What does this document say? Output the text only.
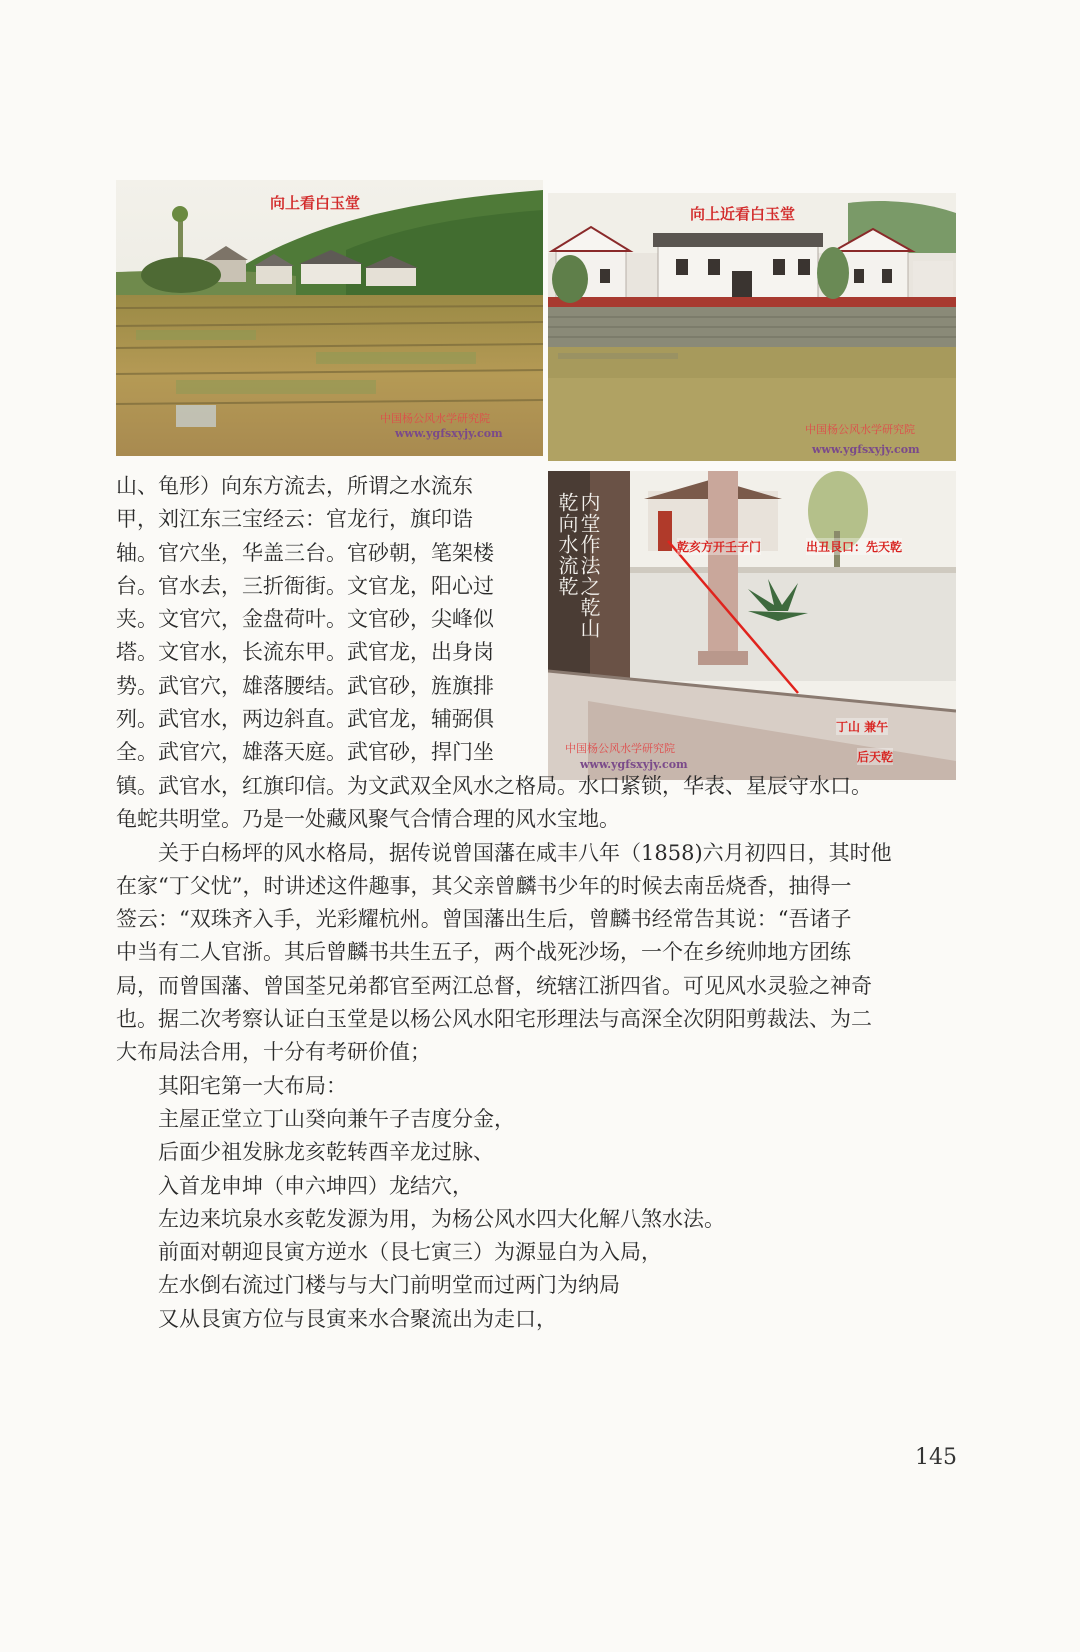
向上看白玉堂
中国杨公风水学研究院
www.ygfsxyjy.com
向上近看白玉堂
中国杨公风水学研究院
www.ygfsxyjy.com
内堂作法之乾山乾向水流乾	乾亥方开壬子门	出丑艮口：先天乾
丁山 兼午
后天乾
中国杨公风水学研究院
www.ygfsxyjy.com

山、龟形）向东方流去，所谓之水流东

甲，刘江东三宝经云：官龙行，旗印诰

轴。官穴坐，华盖三台。官砂朝，笔架楼

台。官水去，三折衙街。文官龙，阳心过

夹。文官穴，金盘荷叶。文官砂，尖峰似

塔。文官水，长流东甲。武官龙，出身岗

势。武官穴，雄落腰结。武官砂，旌旗排

列。武官水，两边斜直。武官龙，辅弼俱

全。武官穴，雄落天庭。武官砂，捍门坐

镇。武官水，红旗印信。为文武双全风水之格局。水口紧锁，华表、星辰守水口。

龟蛇共明堂。乃是一处藏风聚气合情合理的风水宝地。

　　关于白杨坪的风水格局，据传说曾国藩在咸丰八年（1858)六月初四日，其时他

在家“丁父忧”，时讲述这件趣事，其父亲曾麟书少年的时候去南岳烧香，抽得一

签云：“双珠齐入手，光彩耀杭州。曾国藩出生后，曾麟书经常告其说：“吾诸子

中当有二人官浙。其后曾麟书共生五子，两个战死沙场，一个在乡统帅地方团练

局，而曾国藩、曾国荃兄弟都官至两江总督，统辖江浙四省。可见风水灵验之神奇

也。据二次考察认证白玉堂是以杨公风水阳宅形理法与高深全次阴阳剪裁法、为二

大布局法合用，十分有考研价值；

　　其阳宅第一大布局：

　　主屋正堂立丁山癸向兼午子吉度分金，

　　后面少祖发脉龙亥乾转酉辛龙过脉、

　　入首龙申坤（申六坤四）龙结穴，

　　左边来坑泉水亥乾发源为用，为杨公风水四大化解八煞水法。

　　前面对朝迎艮寅方逆水（艮七寅三）为源显白为入局，

　　左水倒右流过门楼与与大门前明堂而过两门为纳局

　　又从艮寅方位与艮寅来水合聚流出为走口，

145
